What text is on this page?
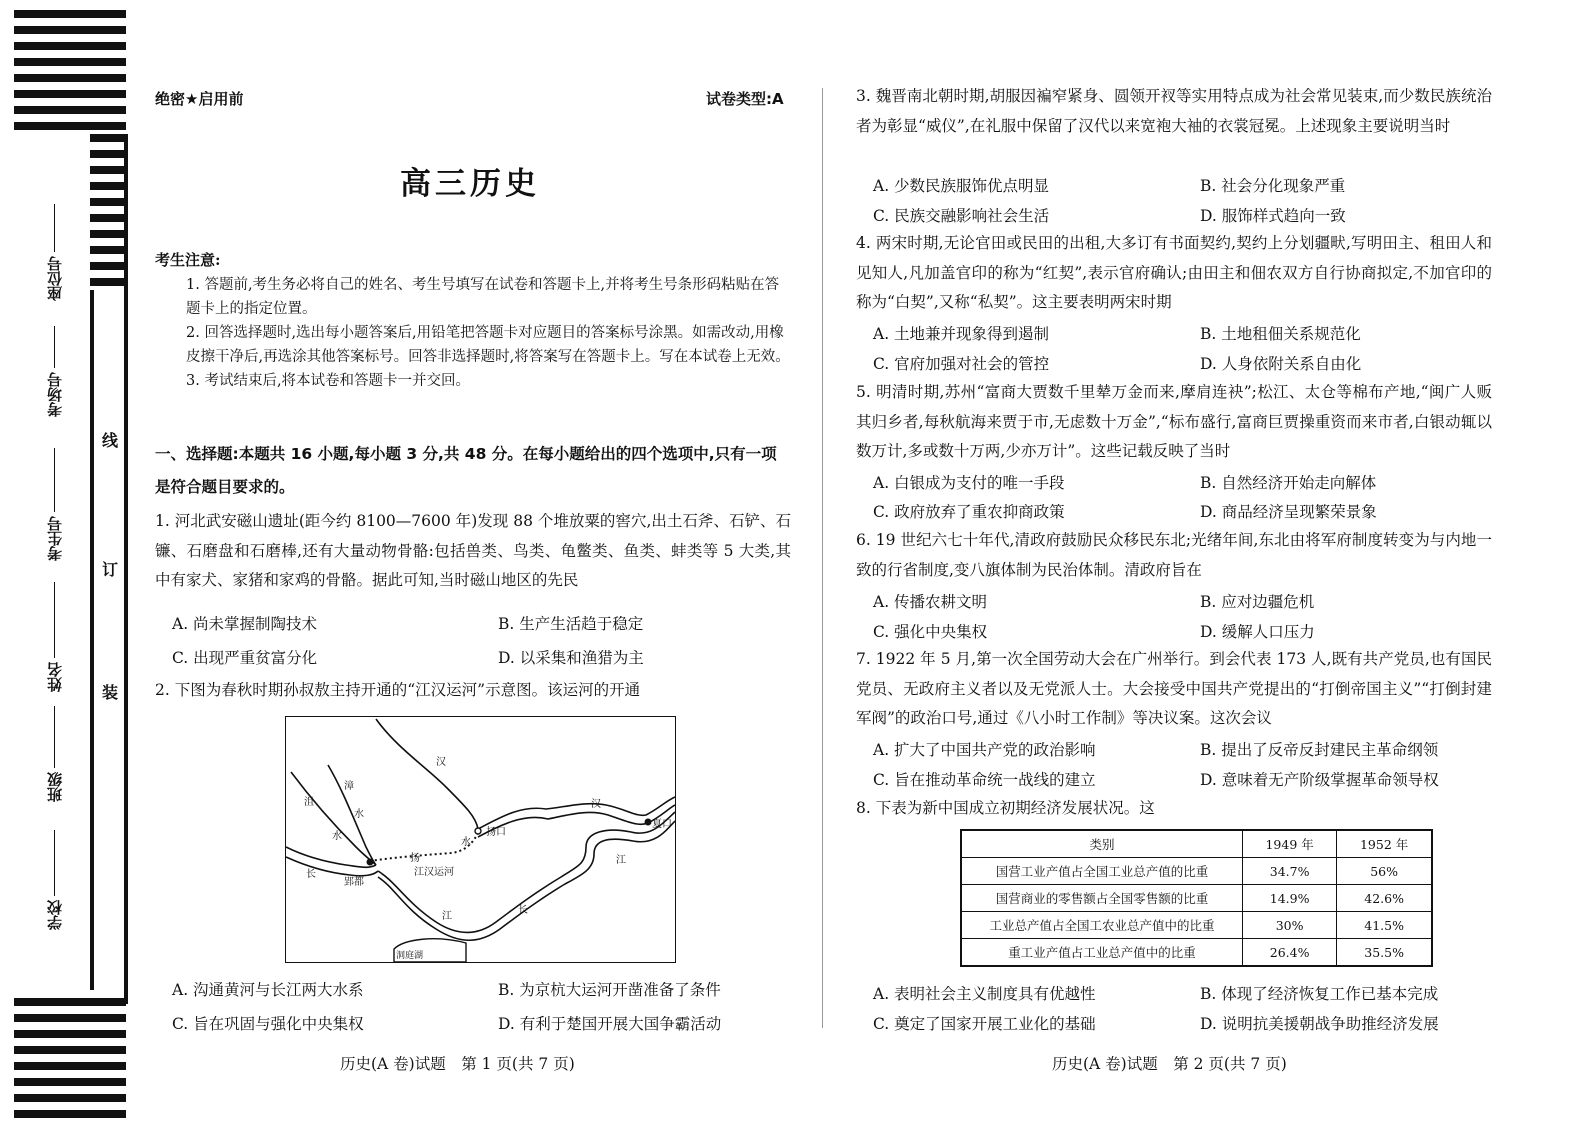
学校
班级
姓名
考生号
考场号
座位号
线
订
装
绝密★启用前	试卷类型:A
高三历史
考生注意:
1. 答题前,考生务必将自己的姓名、考生号填写在试卷和答题卡上,并将考生号条形码粘贴在答题卡上的指定位置。
2. 回答选择题时,选出每小题答案后,用铅笔把答题卡对应题目的答案标号涂黑。如需改动,用橡皮擦干净后,再选涂其他答案标号。回答非选择题时,将答案写在答题卡上。写在本试卷上无效。
3. 考试结束后,将本试卷和答题卡一并交回。
一、选择题:本题共 16 小题,每小题 3 分,共 48 分。在每小题给出的四个选项中,只有一项是符合题目要求的。
1. 河北武安磁山遗址(距今约 8100—7600 年)发现 88 个堆放粟的窖穴,出土石斧、石铲、石镰、石磨盘和石磨棒,还有大量动物骨骼:包括兽类、鸟类、龟鳖类、鱼类、蚌类等 5 大类,其中有家犬、家猪和家鸡的骨骼。据此可知,当时磁山地区的先民
A. 尚未掌握制陶技术	B. 生产生活趋于稳定
C. 出现严重贫富分化	D. 以采集和渔猎为主
2. 下图为春秋时期孙叔敖主持开通的“江汉运河”示意图。该运河的开通
汉
漳
水
沮
水
长
扬
水
扬口
汉
夏口
郢都
江汉运河
江
长
江
洞庭湖
A. 沟通黄河与长江两大水系	B. 为京杭大运河开凿准备了条件
C. 旨在巩固与强化中央集权	D. 有利于楚国开展大国争霸活动
历史(A 卷)试题　第 1 页(共 7 页)
3. 魏晋南北朝时期,胡服因褊窄紧身、圆领开衩等实用特点成为社会常见装束,而少数民族统治者为彰显“威仪”,在礼服中保留了汉代以来宽袍大袖的衣裳冠冕。上述现象主要说明当时
A. 少数民族服饰优点明显	B. 社会分化现象严重
C. 民族交融影响社会生活	D. 服饰样式趋向一致
4. 两宋时期,无论官田或民田的出租,大多订有书面契约,契约上分划疆畎,写明田主、租田人和见知人,凡加盖官印的称为“红契”,表示官府确认;由田主和佃农双方自行协商拟定,不加官印的称为“白契”,又称“私契”。这主要表明两宋时期
A. 土地兼并现象得到遏制	B. 土地租佃关系规范化
C. 官府加强对社会的管控	D. 人身依附关系自由化
5. 明清时期,苏州“富商大贾数千里辇万金而来,摩肩连袂”;松江、太仓等棉布产地,“闽广人贩其归乡者,每秋航海来贾于市,无虑数十万金”,“标布盛行,富商巨贾操重资而来市者,白银动辄以数万计,多或数十万两,少亦万计”。这些记载反映了当时
A. 白银成为支付的唯一手段	B. 自然经济开始走向解体
C. 政府放弃了重农抑商政策	D. 商品经济呈现繁荣景象
6. 19 世纪六七十年代,清政府鼓励民众移民东北;光绪年间,东北由将军府制度转变为与内地一致的行省制度,变八旗体制为民治体制。清政府旨在
A. 传播农耕文明	B. 应对边疆危机
C. 强化中央集权	D. 缓解人口压力
7. 1922 年 5 月,第一次全国劳动大会在广州举行。到会代表 173 人,既有共产党员,也有国民党员、无政府主义者以及无党派人士。大会接受中国共产党提出的“打倒帝国主义”“打倒封建军阀”的政治口号,通过《八小时工作制》等决议案。这次会议
A. 扩大了中国共产党的政治影响	B. 提出了反帝反封建民主革命纲领
C. 旨在推动革命统一战线的建立	D. 意味着无产阶级掌握革命领导权
8. 下表为新中国成立初期经济发展状况。这
类别	1949 年	1952 年
国营工业产值占全国工业总产值的比重	34.7%	56%
国营商业的零售额占全国零售额的比重	14.9%	42.6%
工业总产值占全国工农业总产值中的比重	30%	41.5%
重工业产值占工业总产值中的比重	26.4%	35.5%
A. 表明社会主义制度具有优越性	B. 体现了经济恢复工作已基本完成
C. 奠定了国家开展工业化的基础	D. 说明抗美援朝战争助推经济发展
历史(A 卷)试题　第 2 页(共 7 页)
